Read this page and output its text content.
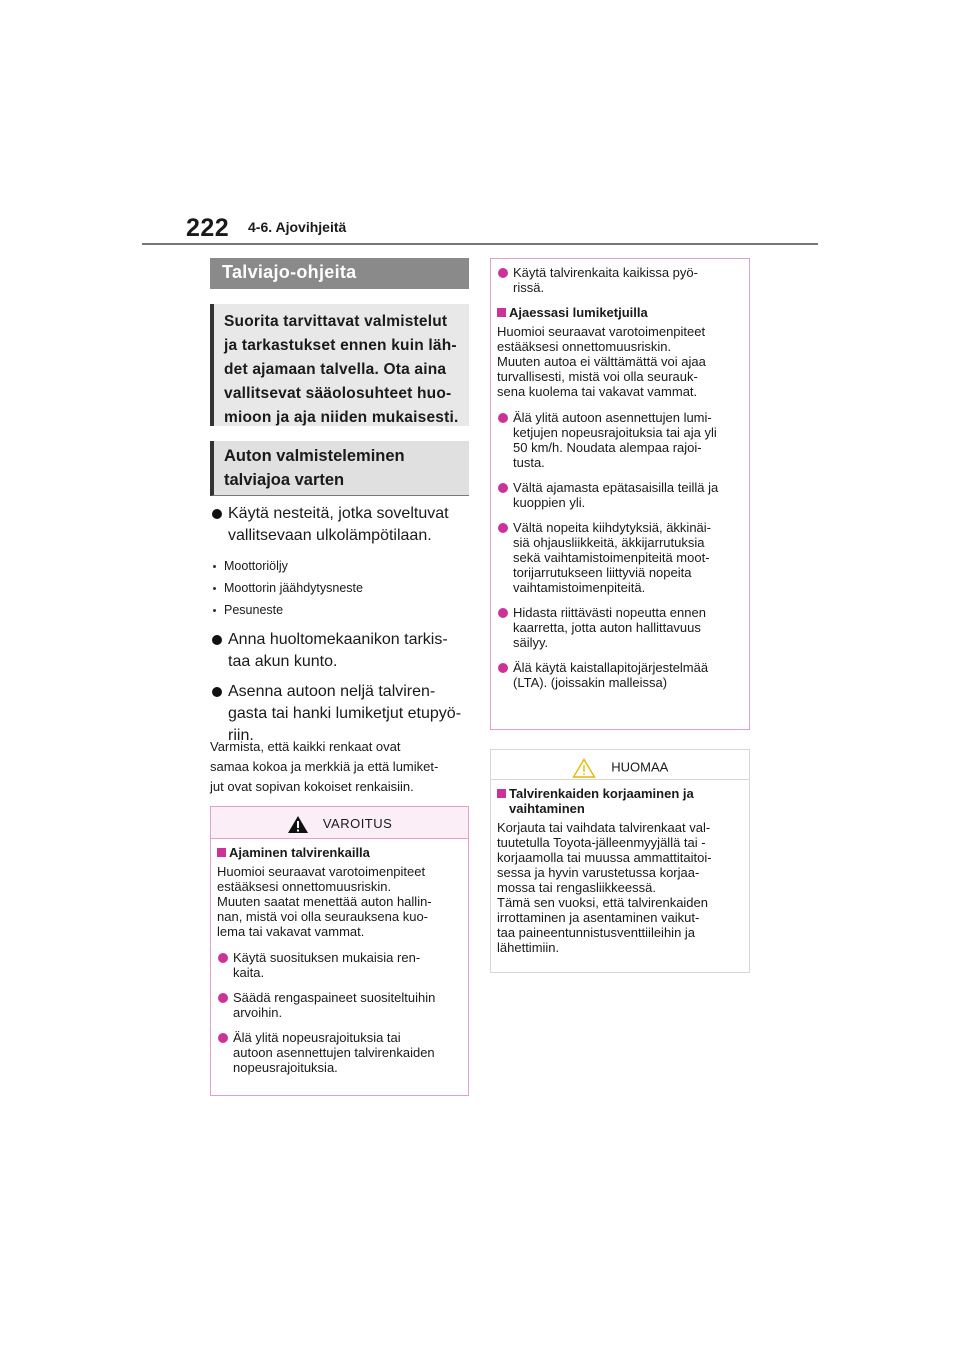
222 4-6. Ajovihjeitä
Talviajo-ohjeita
Suorita tarvittavat valmistelut
ja tarkastukset ennen kuin läh-
det ajamaan talvella. Ota aina
vallitsevat sääolosuhteet huo-
mioon ja aja niiden mukaisesti.
Auton valmisteleminen
talviajoa varten
Käytä nesteitä, jotka soveltuvat
vallitsevaan ulkolämpötilaan.
Moottoriöljy
Moottorin jäähdytysneste
Pesuneste
Anna huoltomekaanikon tarkis-
taa akun kunto.
Asenna autoon neljä talviren-
gasta tai hanki lumiketjut etupyö-
riin.
Varmista, että kaikki renkaat ovat
samaa kokoa ja merkkiä ja että lumiket-
jut ovat sopivan kokoiset renkaisiin.
VAROITUS
Ajaminen talvirenkailla
Huomioi seuraavat varotoimenpiteet
estääksesi onnettomuusriskin.
Muuten saatat menettää auton hallin-
nan, mistä voi olla seurauksena kuo-
lema tai vakavat vammat.
Käytä suosituksen mukaisia ren-
kaita.
Säädä rengaspaineet suositeltuihin
arvoihin.
Älä ylitä nopeusrajoituksia tai
autoon asennettujen talvirenkaiden
nopeusrajoituksia.
Käytä talvirenkaita kaikissa pyö-
rissä.
Ajaessasi lumiketjuilla
Huomioi seuraavat varotoimenpiteet
estääksesi onnettomuusriskin.
Muuten autoa ei välttämättä voi ajaa
turvallisesti, mistä voi olla seurauk-
sena kuolema tai vakavat vammat.
Älä ylitä autoon asennettujen lumi-
ketjujen nopeusrajoituksia tai aja yli
50 km/h. Noudata alempaa rajoi-
tusta.
Vältä ajamasta epätasaisilla teillä ja
kuoppien yli.
Vältä nopeita kiihdytyksiä, äkkinäi-
siä ohjausliikkeitä, äkkijarrutuksia
sekä vaihtamistoimenpiteitä moot-
torijarrutukseen liittyviä nopeita
vaihtamistoimenpiteitä.
Hidasta riittävästi nopeutta ennen
kaarretta, jotta auton hallittavuus
säilyy.
Älä käytä kaistallapitojärjestelmää
(LTA). (joissakin malleissa)
HUOMAA
Talvirenkaiden korjaaminen ja
vaihtaminen
Korjauta tai vaihdata talvirenkaat val-
tuutetulla Toyota-jälleenmyyjällä tai -
korjaamolla tai muussa ammattitaitoi-
sessa ja hyvin varustetussa korjaa-
mossa tai rengasliikkeessä.
Tämä sen vuoksi, että talvirenkaiden
irrottaminen ja asentaminen vaikut-
taa paineentunnistusventtiileihin ja
lähettimiin.
